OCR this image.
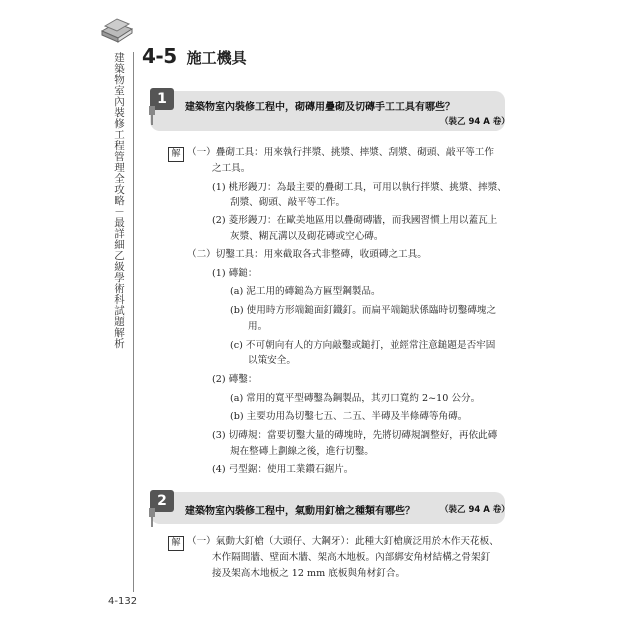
建築物室內裝修工程管理全攻略－最詳細乙級學術科試題解析 4-5 施工機具
1
建築物室內裝修工程中，砌磚用疊砌及切磚手工工具有哪些？
（裝乙 94 A 卷）
解 （一）疊砌工具：用來執行拌漿、挑漿、摔漿、刮漿、砌頭、敲平等工作
之工具。
(1) 桃形鏝刀：為最主要的疊砌工具，可用以執行拌漿、挑漿、摔漿、
刮漿、砌頭、敲平等工作。
(2) 菱形鏝刀：在歐美地區用以疊砌磚牆，而我國習慣上用以蓋瓦上
灰漿、糊瓦溝以及砌花磚或空心磚。
（二）切鑿工具：用來截取各式非整磚，收頭磚之工具。
(1) 磚鎚：
(a) 泥工用的磚鎚為方匾型鋼製品。
(b) 使用時方形端鎚面釘鐵釘。而扁平端鎚狀係臨時切鑿磚塊之
用。
(c) 不可朝向有人的方向敲鑿或鎚打，並經常注意鎚題是否牢固
以策安全。
(2) 磚鑿：
(a) 常用的寬平型磚鑿為鋼製品，其刃口寬約 2~10 公分。
(b) 主要功用為切鑿七五、二五、半磚及半條磚等角磚。
(3) 切磚規：當要切鑿大量的磚塊時，先將切磚規調整好，再依此磚
規在整磚上劃線之後，進行切鑿。
(4) 弓型鋸：使用工業鑽石鋸片。
2
建築物室內裝修工程中，氣動用釘槍之種類有哪些？	（裝乙 94 A 卷）
解 （一）氣動大釘槍（大頭仔、大鋼牙）：此種大釘槍廣泛用於木作天花板、
木作隔間牆、壁面木牆、架高木地板。內部綁安角材結構之骨架釘
接及架高木地板之 12 mm 底板與角材釘合。
4-132
